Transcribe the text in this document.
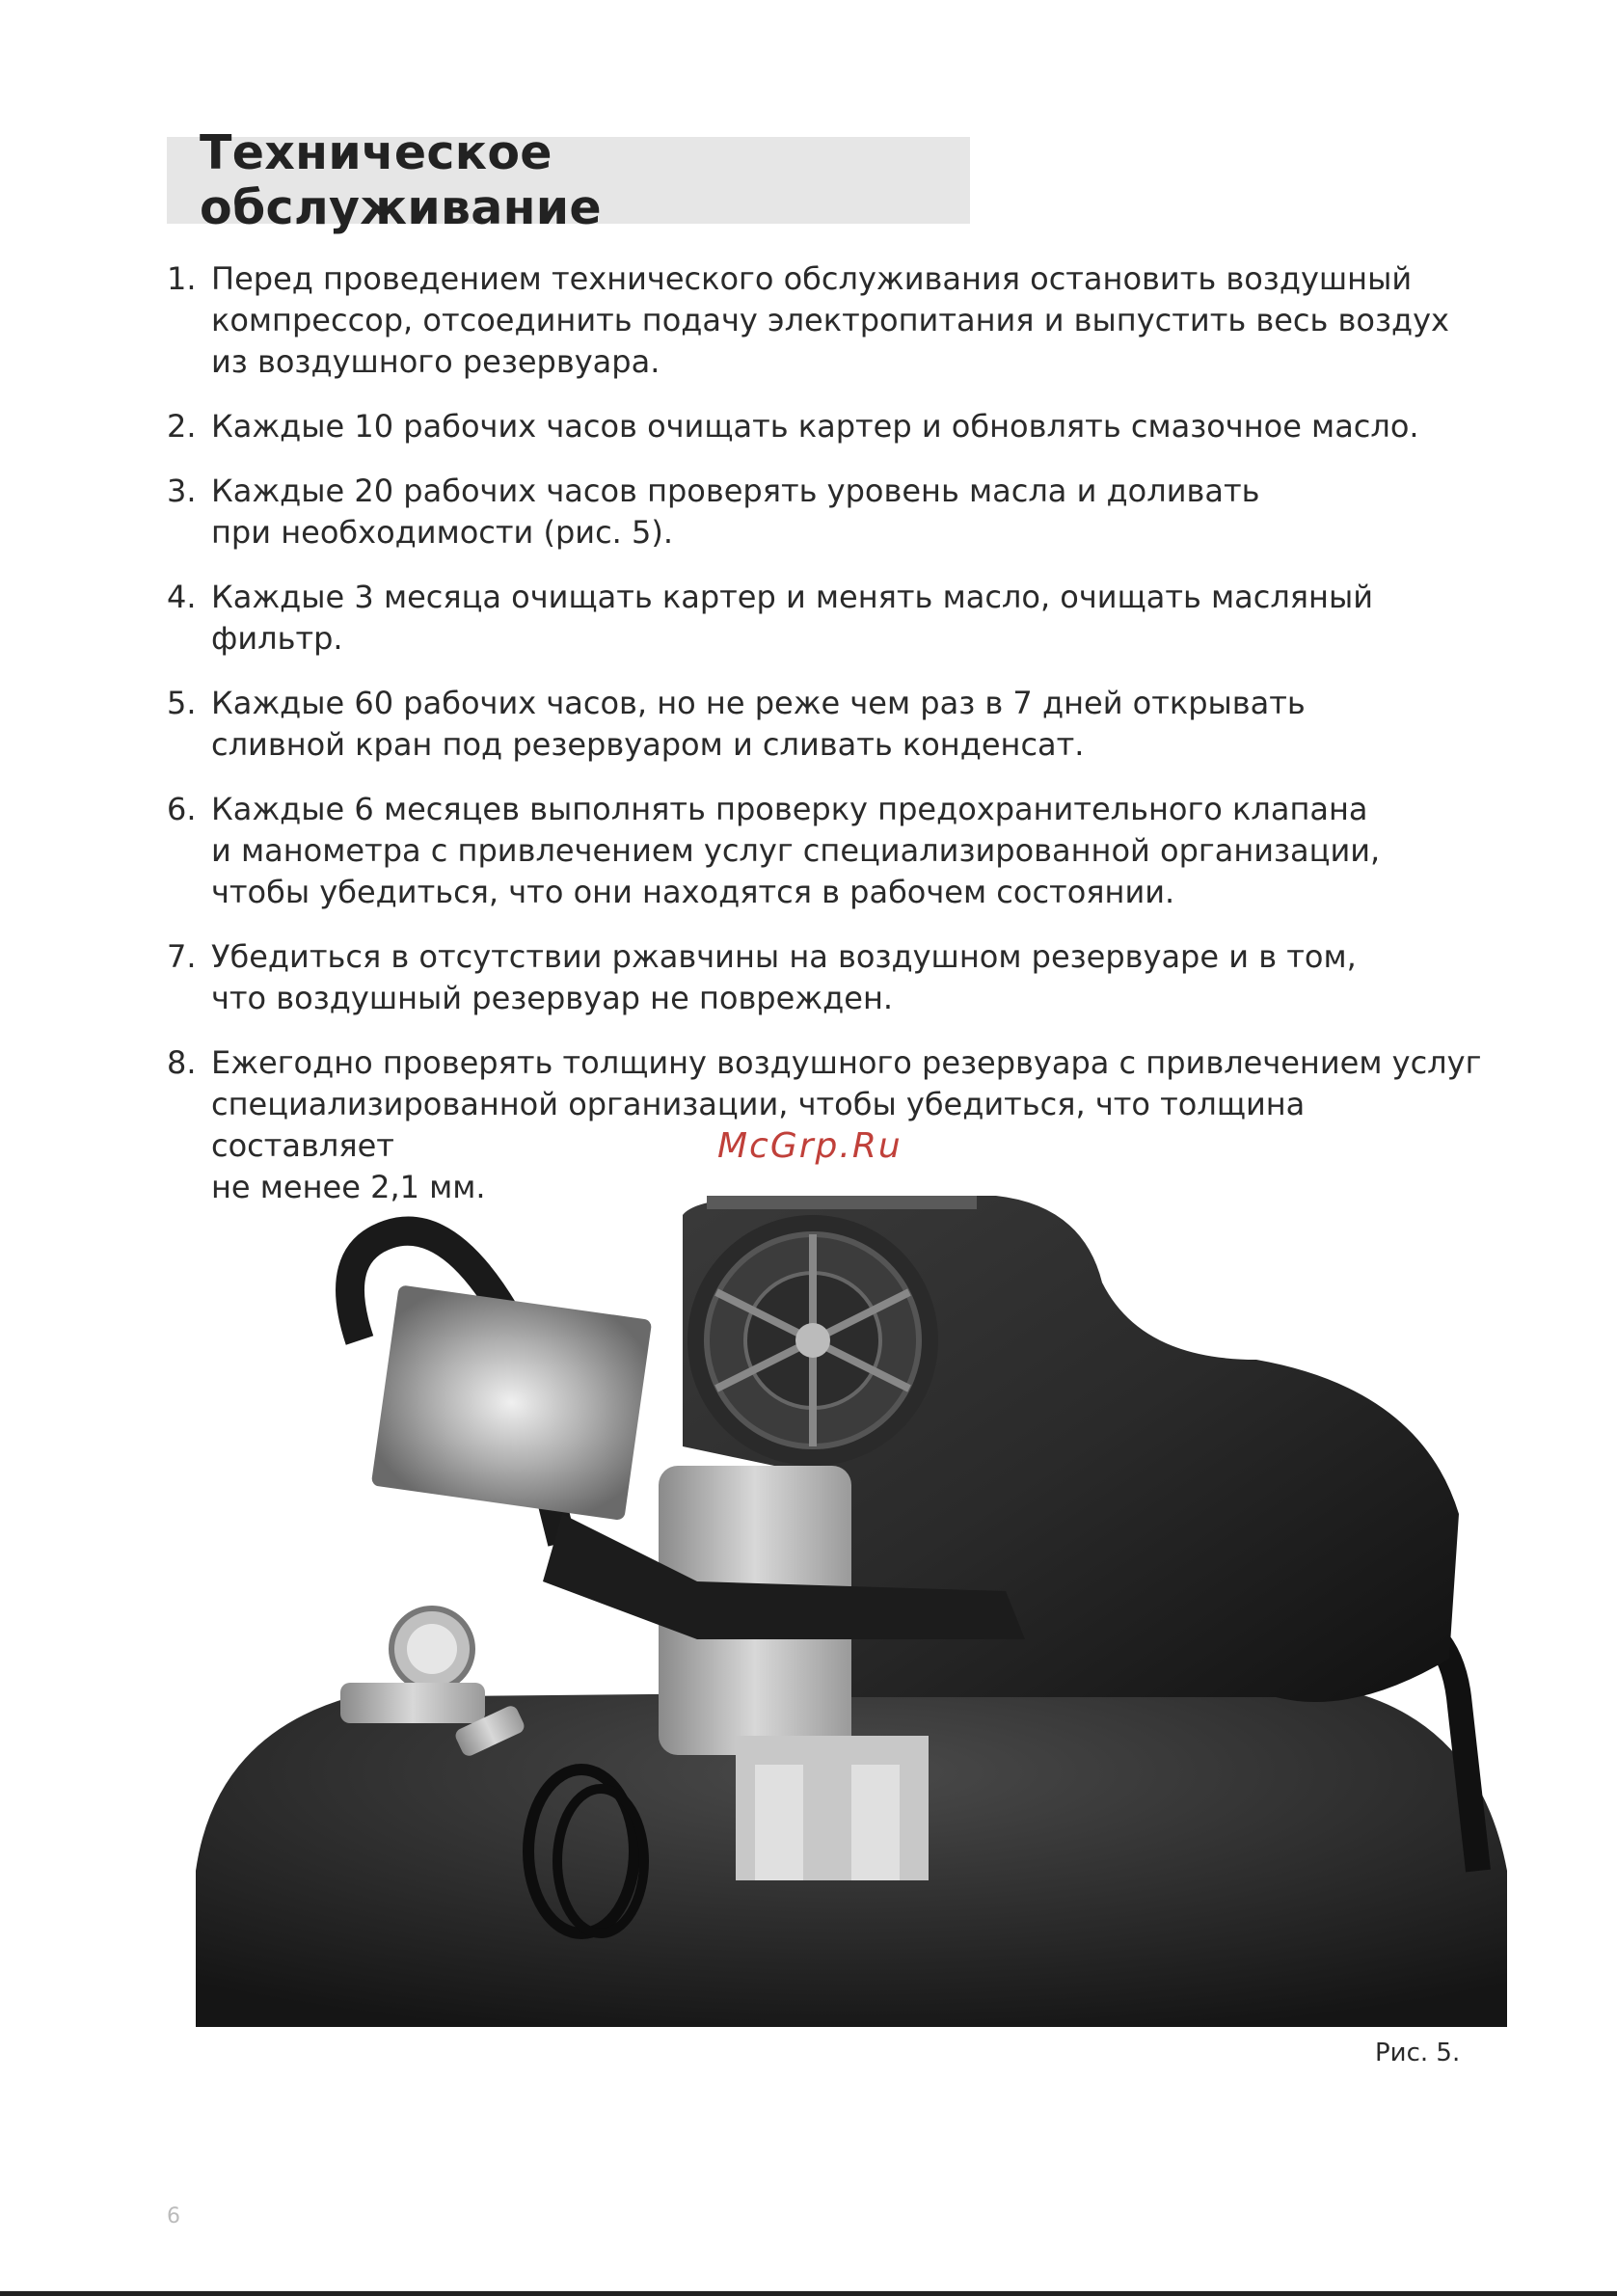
Техническое обслуживание
1. Перед проведением технического обслуживания остановить воздушный
компрессор, отсоединить подачу электропитания и выпустить весь воздух
из воздушного резервуара.
2. Каждые 10 рабочих часов очищать картер и обновлять смазочное масло.
3. Каждые 20 рабочих часов проверять уровень масла и доливать
при необходимости (рис. 5).
4. Каждые 3 месяца очищать картер и менять масло, очищать масляный фильтр.
5. Каждые 60 рабочих часов, но не реже чем раз в 7 дней открывать
сливной кран под резервуаром и сливать конденсат.
6. Каждые 6 месяцев выполнять проверку предохранительного клапана
и манометра с привлечением услуг специализированной организации,
чтобы убедиться, что они находятся в рабочем состоянии.
7. Убедиться в отсутствии ржавчины на воздушном резервуаре и в том,
что воздушный резервуар не поврежден.
8. Ежегодно проверять толщину воздушного резервуара с привлечением услуг
специализированной организации, чтобы убедиться, что толщина составляет
не менее 2,1 мм.
McGrp.Ru
Рис. 5.
6
